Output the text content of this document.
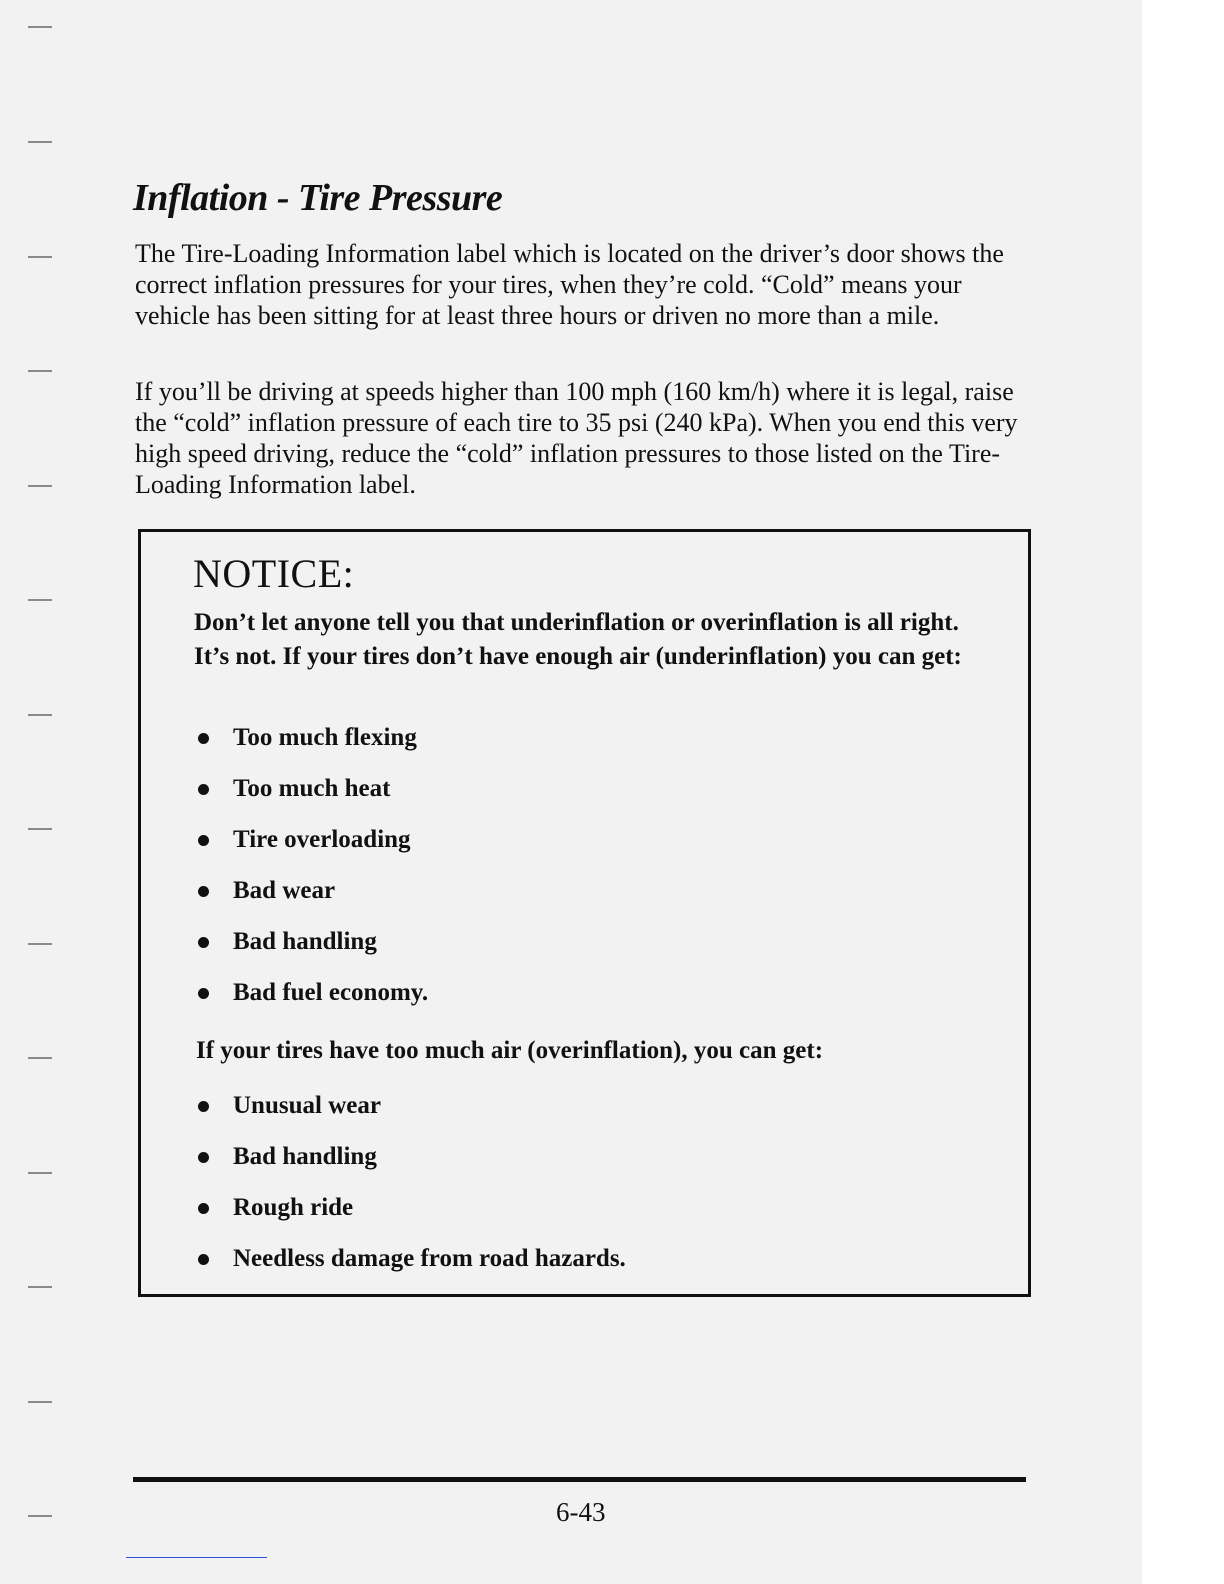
Inflation - Tire Pressure

The Tire-Loading Information label which is located on the driver’s door shows the correct inflation pressures for your tires, when they’re cold. “Cold” means your vehicle has been sitting for at least three hours or driven no more than a mile.

If you’ll be driving at speeds higher than 100 mph (160 km/h) where it is legal, raise the “cold” inflation pressure of each tire to 35 psi (240 kPa). When you end this very high speed driving, reduce the “cold” inflation pressures to those listed on the Tire-Loading Information label.

NOTICE:

Don’t let anyone tell you that underinflation or overinflation is all right. It’s not. If your tires don’t have enough air (underinflation) you can get:

Too much flexing
Too much heat
Tire overloading
Bad wear
Bad handling
Bad fuel economy.

If your tires have too much air (overinflation), you can get:

Unusual wear
Bad handling
Rough ride
Needless damage from road hazards.

6-43
